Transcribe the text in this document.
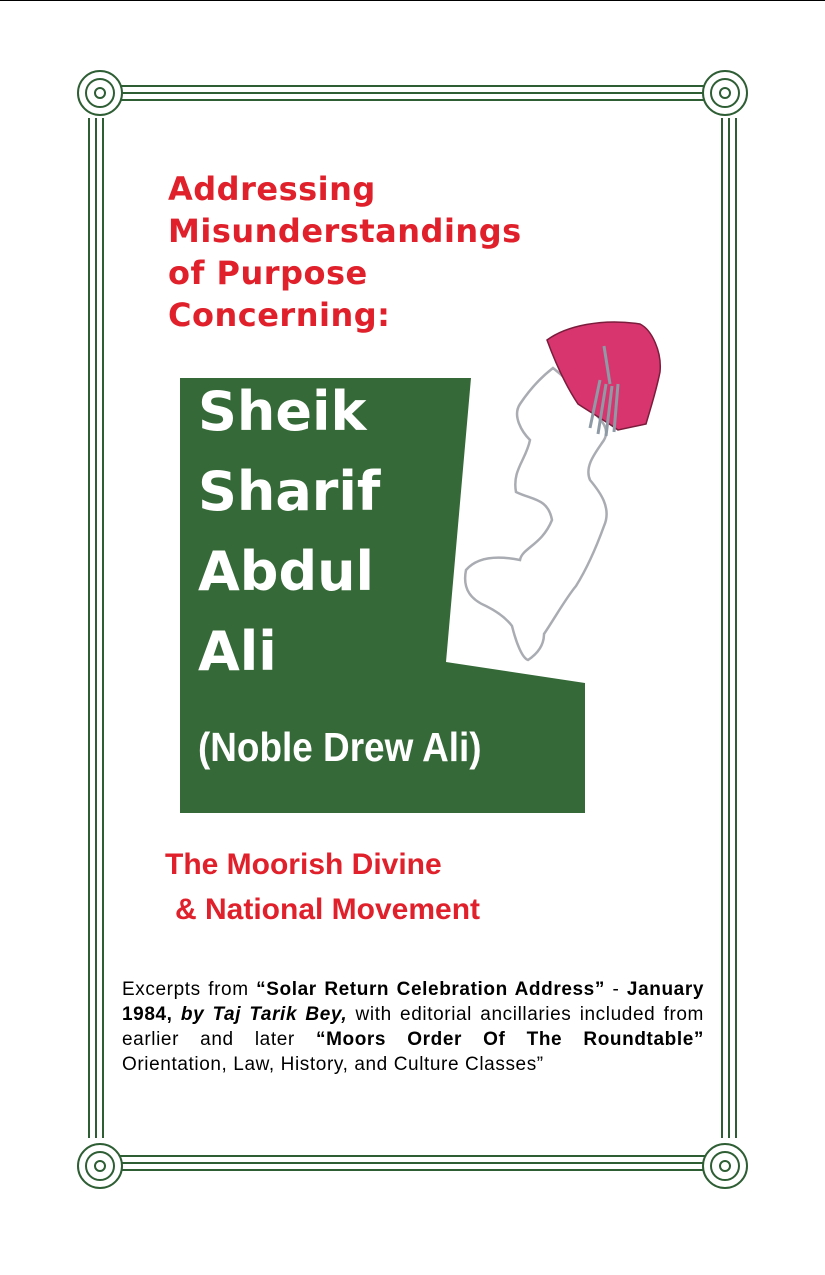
Addressing
Misunderstandings
of Purpose
Concerning:
Sheik
Sharif
Abdul
Ali
(Noble Drew Ali)
The Moorish Divine
& National Movement

Excerpts from “Solar Return Celebration Address” - January 1984, by Taj Tarik Bey, with editorial ancillaries included from earlier and later “Moors Order Of The Roundtable” Orientation, Law, History, and Culture Classes”
